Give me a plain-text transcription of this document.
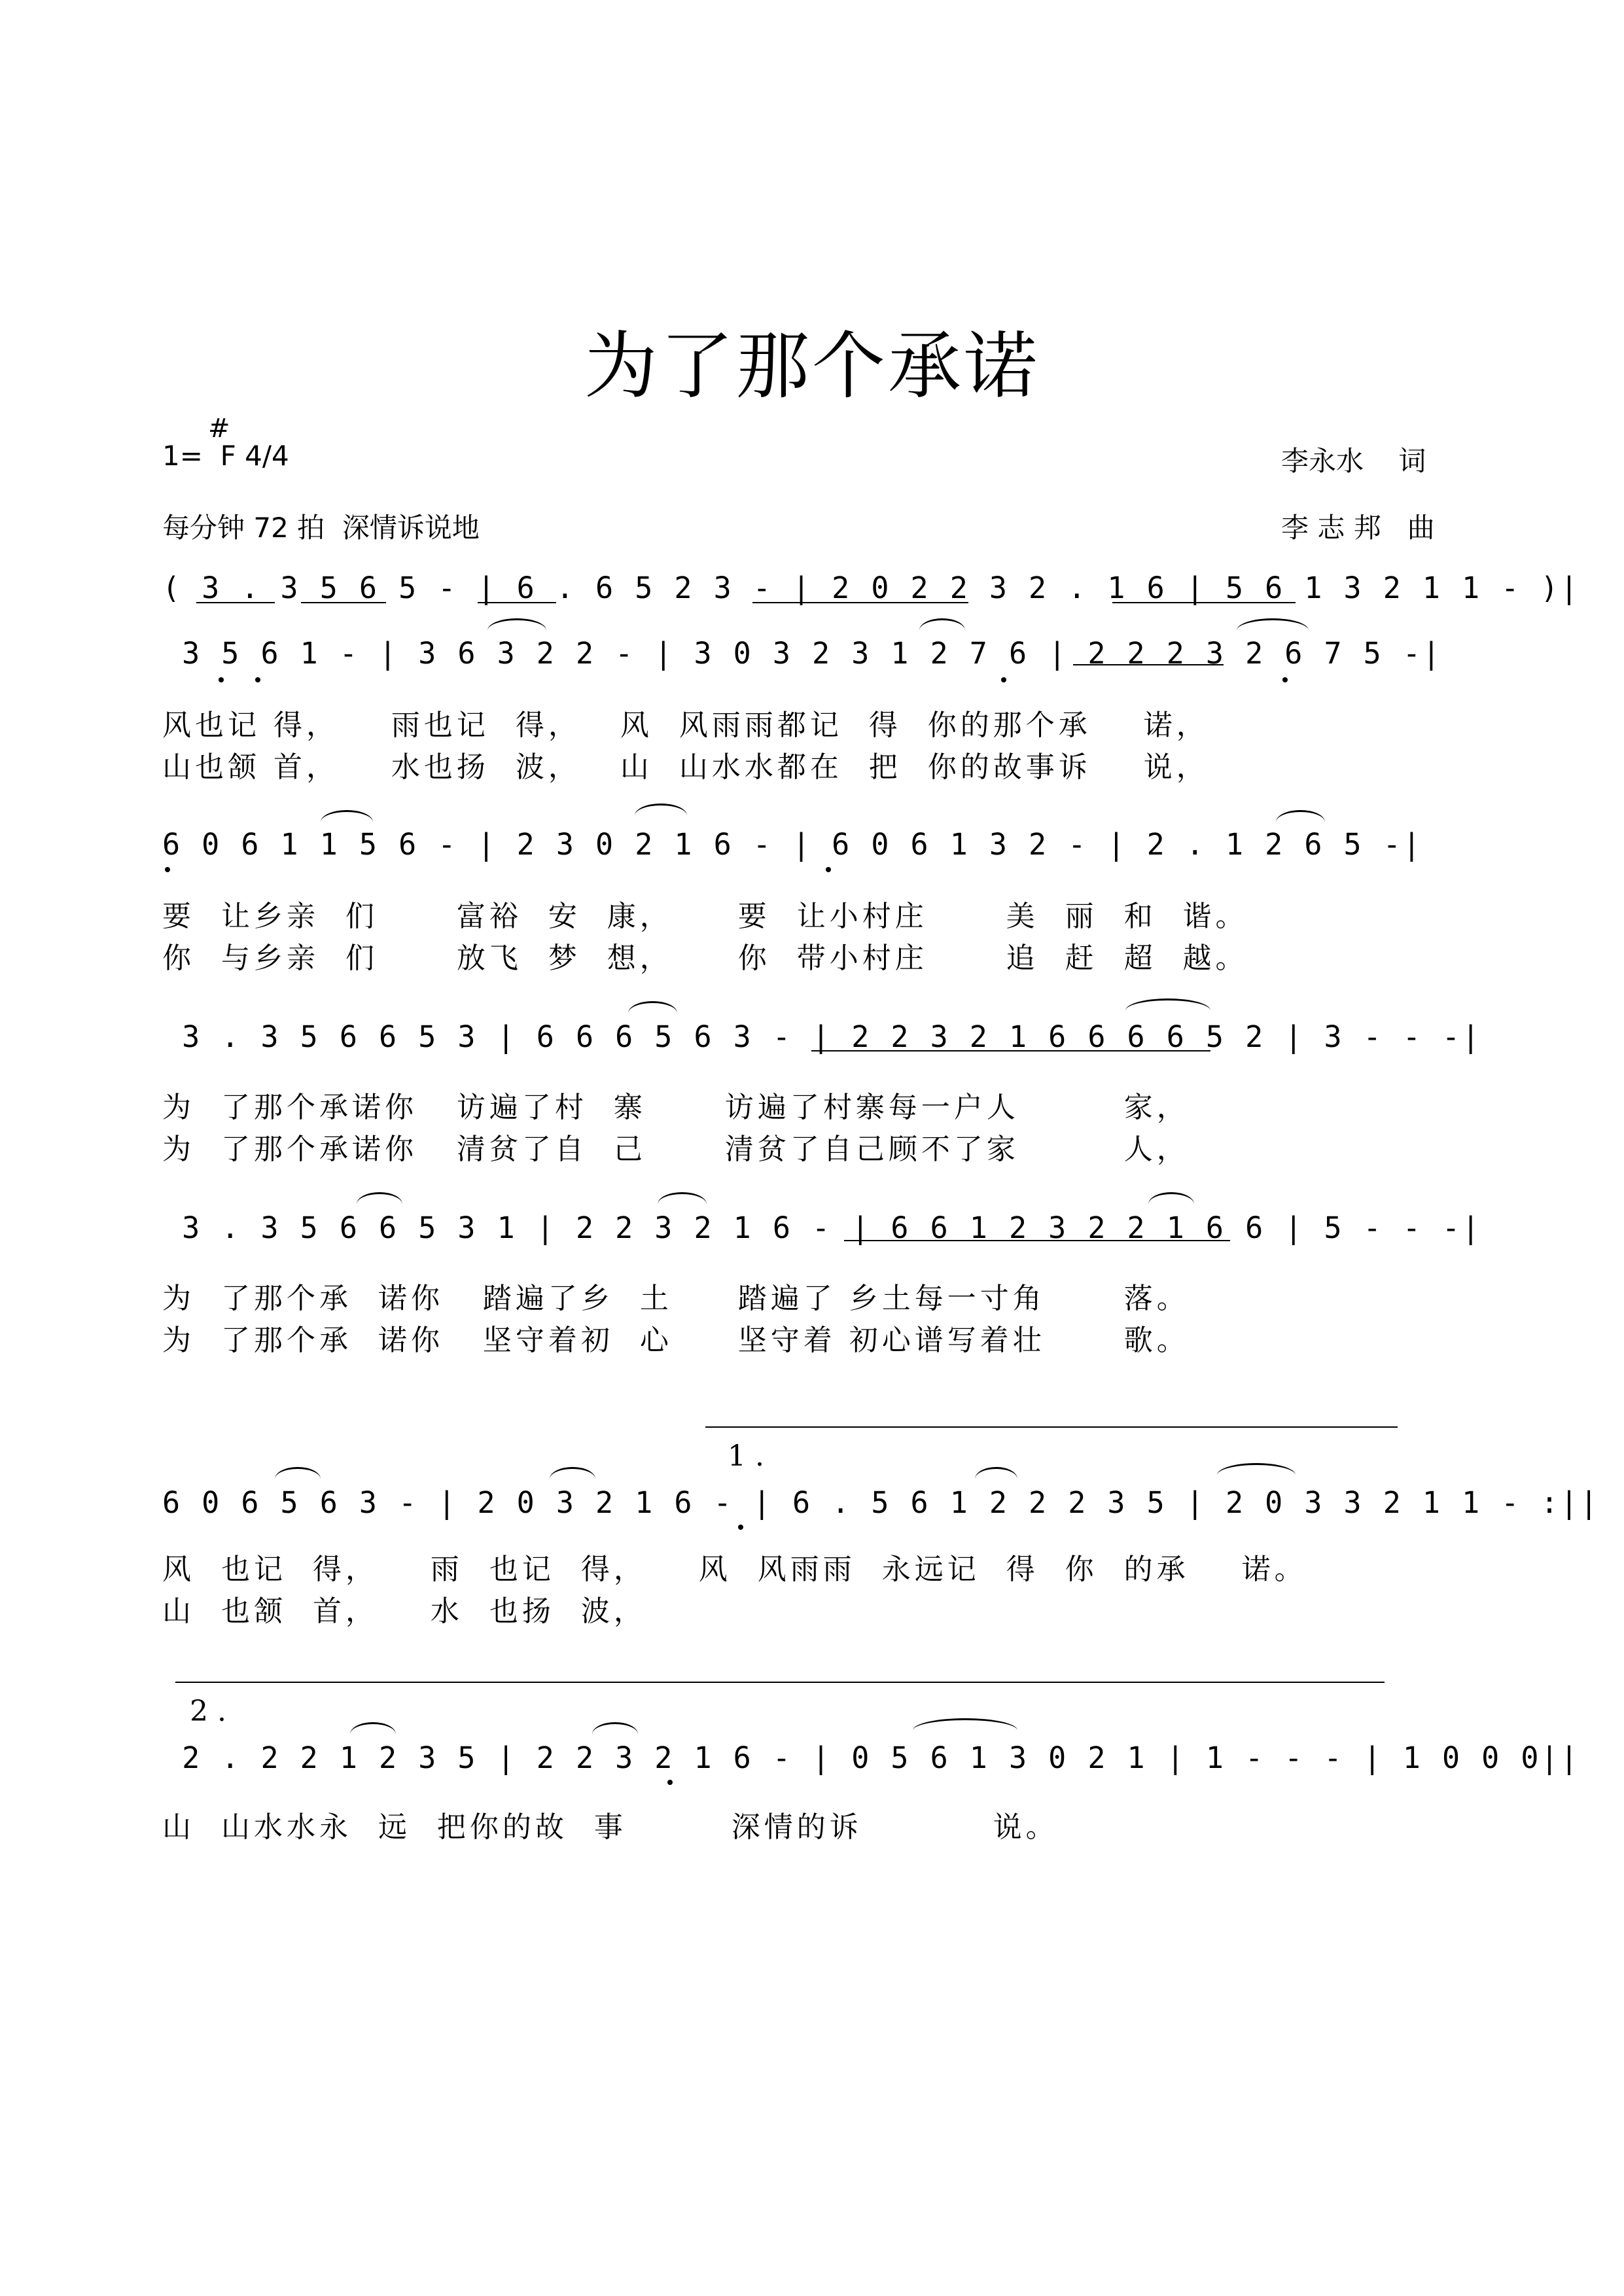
为了那个承诺
1=  F 4/4
#
每分钟 72 拍  深情诉说地
李永水    词
李 志 邦   曲
( 3 . 3 5 6 5 - | 6 . 6 5 2 3 - | 2 0 2 2 3 2 . 1 6 | 5 6 1 3 2 1 1 - )|
3 5 6 1 - | 3 6 3 2 2 - | 3 0 3 2 3 1 2 7 6 | 2 2 2 3 2 6 7 5 -|
风也记 得，    雨也记  得，   风  风雨雨都记  得  你的那个承    诺，
山也颔 首，    水也扬  波，   山  山水水都在  把  你的故事诉    说，
6 0 6 1 1 5 6 - | 2 3 0 2 1 6 - | 6 0 6 1 3 2 - | 2 . 1 2 6 5 -|
要  让乡亲  们      富裕  安  康，     要  让小村庄      美  丽  和  谐。
你  与乡亲  们      放飞  梦  想，     你  带小村庄      追  赶  超  越。
3 . 3 5 6 6 5 3 | 6 6 6 5 6 3 - | 2 2 3 2 1 6 6 6 6 5 2 | 3 - - -|
为  了那个承诺你   访遍了村  寨      访遍了村寨每一户人        家，
为  了那个承诺你   清贫了自  己      清贫了自己顾不了家        人，
3 . 3 5 6 6 5 3 1 | 2 2 3 2 1 6 - | 6 6 1 2 3 2 2 1 6 6 | 5 - - -|
为  了那个承  诺你   踏遍了乡  土     踏遍了 乡土每一寸角      落。
为  了那个承  诺你   坚守着初  心     坚守着 初心谱写着壮      歌。
1 .
6 0 6 5 6 3 - | 2 0 3 2 1 6 - | 6 . 5 6 1 2 2 2 3 5 | 2 0 3 3 2 1 1 - :||
风  也记  得，    雨  也记  得，    风  风雨雨  永远记  得  你  的承    诺。
山  也颔  首，    水  也扬  波，
2 .
2 . 2 2 1 2 3 5 | 2 2 3 2 1 6 - | 0 5 6 1 3 0 2 1 | 1 - - - | 1 0 0 0||
山  山水水永  远  把你的故  事        深情的诉          说。
